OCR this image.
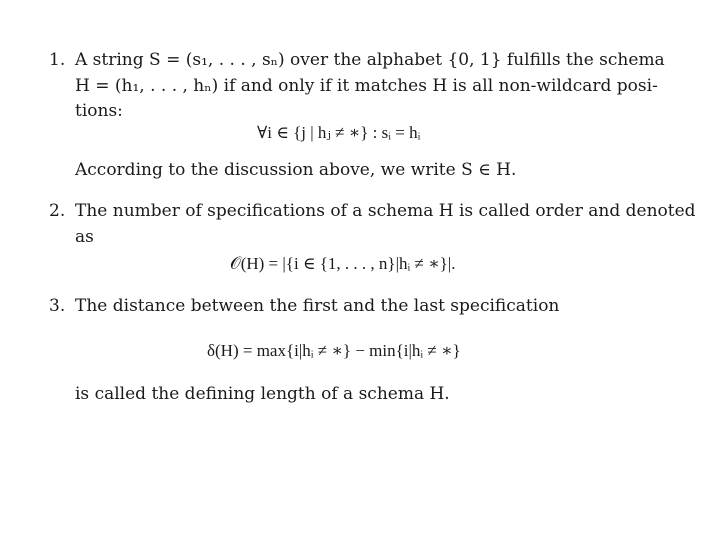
1. A string S = (s₁, . . . , sₙ) over the alphabet {0, 1} fulfills the schema
H = (h₁, . . . , hₙ) if and only if it matches H is all non-wildcard posi-
tions:
∀i ∈ {j | hⱼ ≠ ∗} : sᵢ = hᵢ
According to the discussion above, we write S ∈ H.
2. The number of specifications of a schema H is called order and denoted
as
𝒪(H) = |{i ∈ {1, . . . , n}|hᵢ ≠ ∗}|.
3. The distance between the first and the last specification
δ(H) = max{i|hᵢ ≠ ∗} − min{i|hᵢ ≠ ∗}
is called the defining length of a schema H.
